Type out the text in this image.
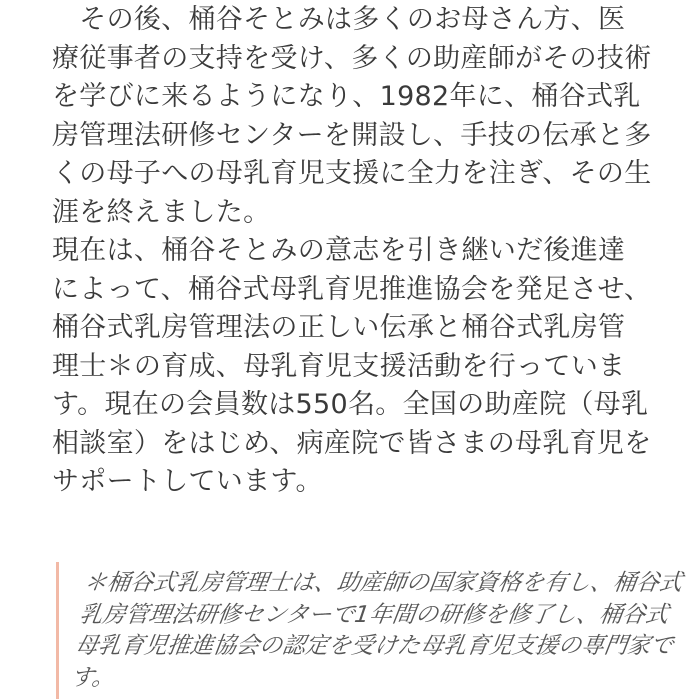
　その後、桶谷そとみは多くのお母さん方、医療従事者の支持を受け、多くの助産師がその技術を学びに来るようになり、1982年に、桶谷式乳房管理法研修センターを開設し、手技の伝承と多くの母子への母乳育児支援に全力を注ぎ、その生涯を終えました。

現在は、桶谷そとみの意志を引き継いだ後進達によって、桶谷式母乳育児推進協会を発足させ、桶谷式乳房管理法の正しい伝承と桶谷式乳房管理士＊の育成、母乳育児支援活動を行っています。現在の会員数は550名。全国の助産院（母乳相談室）をはじめ、病産院で皆さまの母乳育児をサポートしています。

＊桶谷式乳房管理士は、助産師の国家資格を有し、桶谷式乳房管理法研修センターで1年間の研修を修了し、桶谷式母乳育児推進協会の認定を受けた母乳育児支援の専門家です。
